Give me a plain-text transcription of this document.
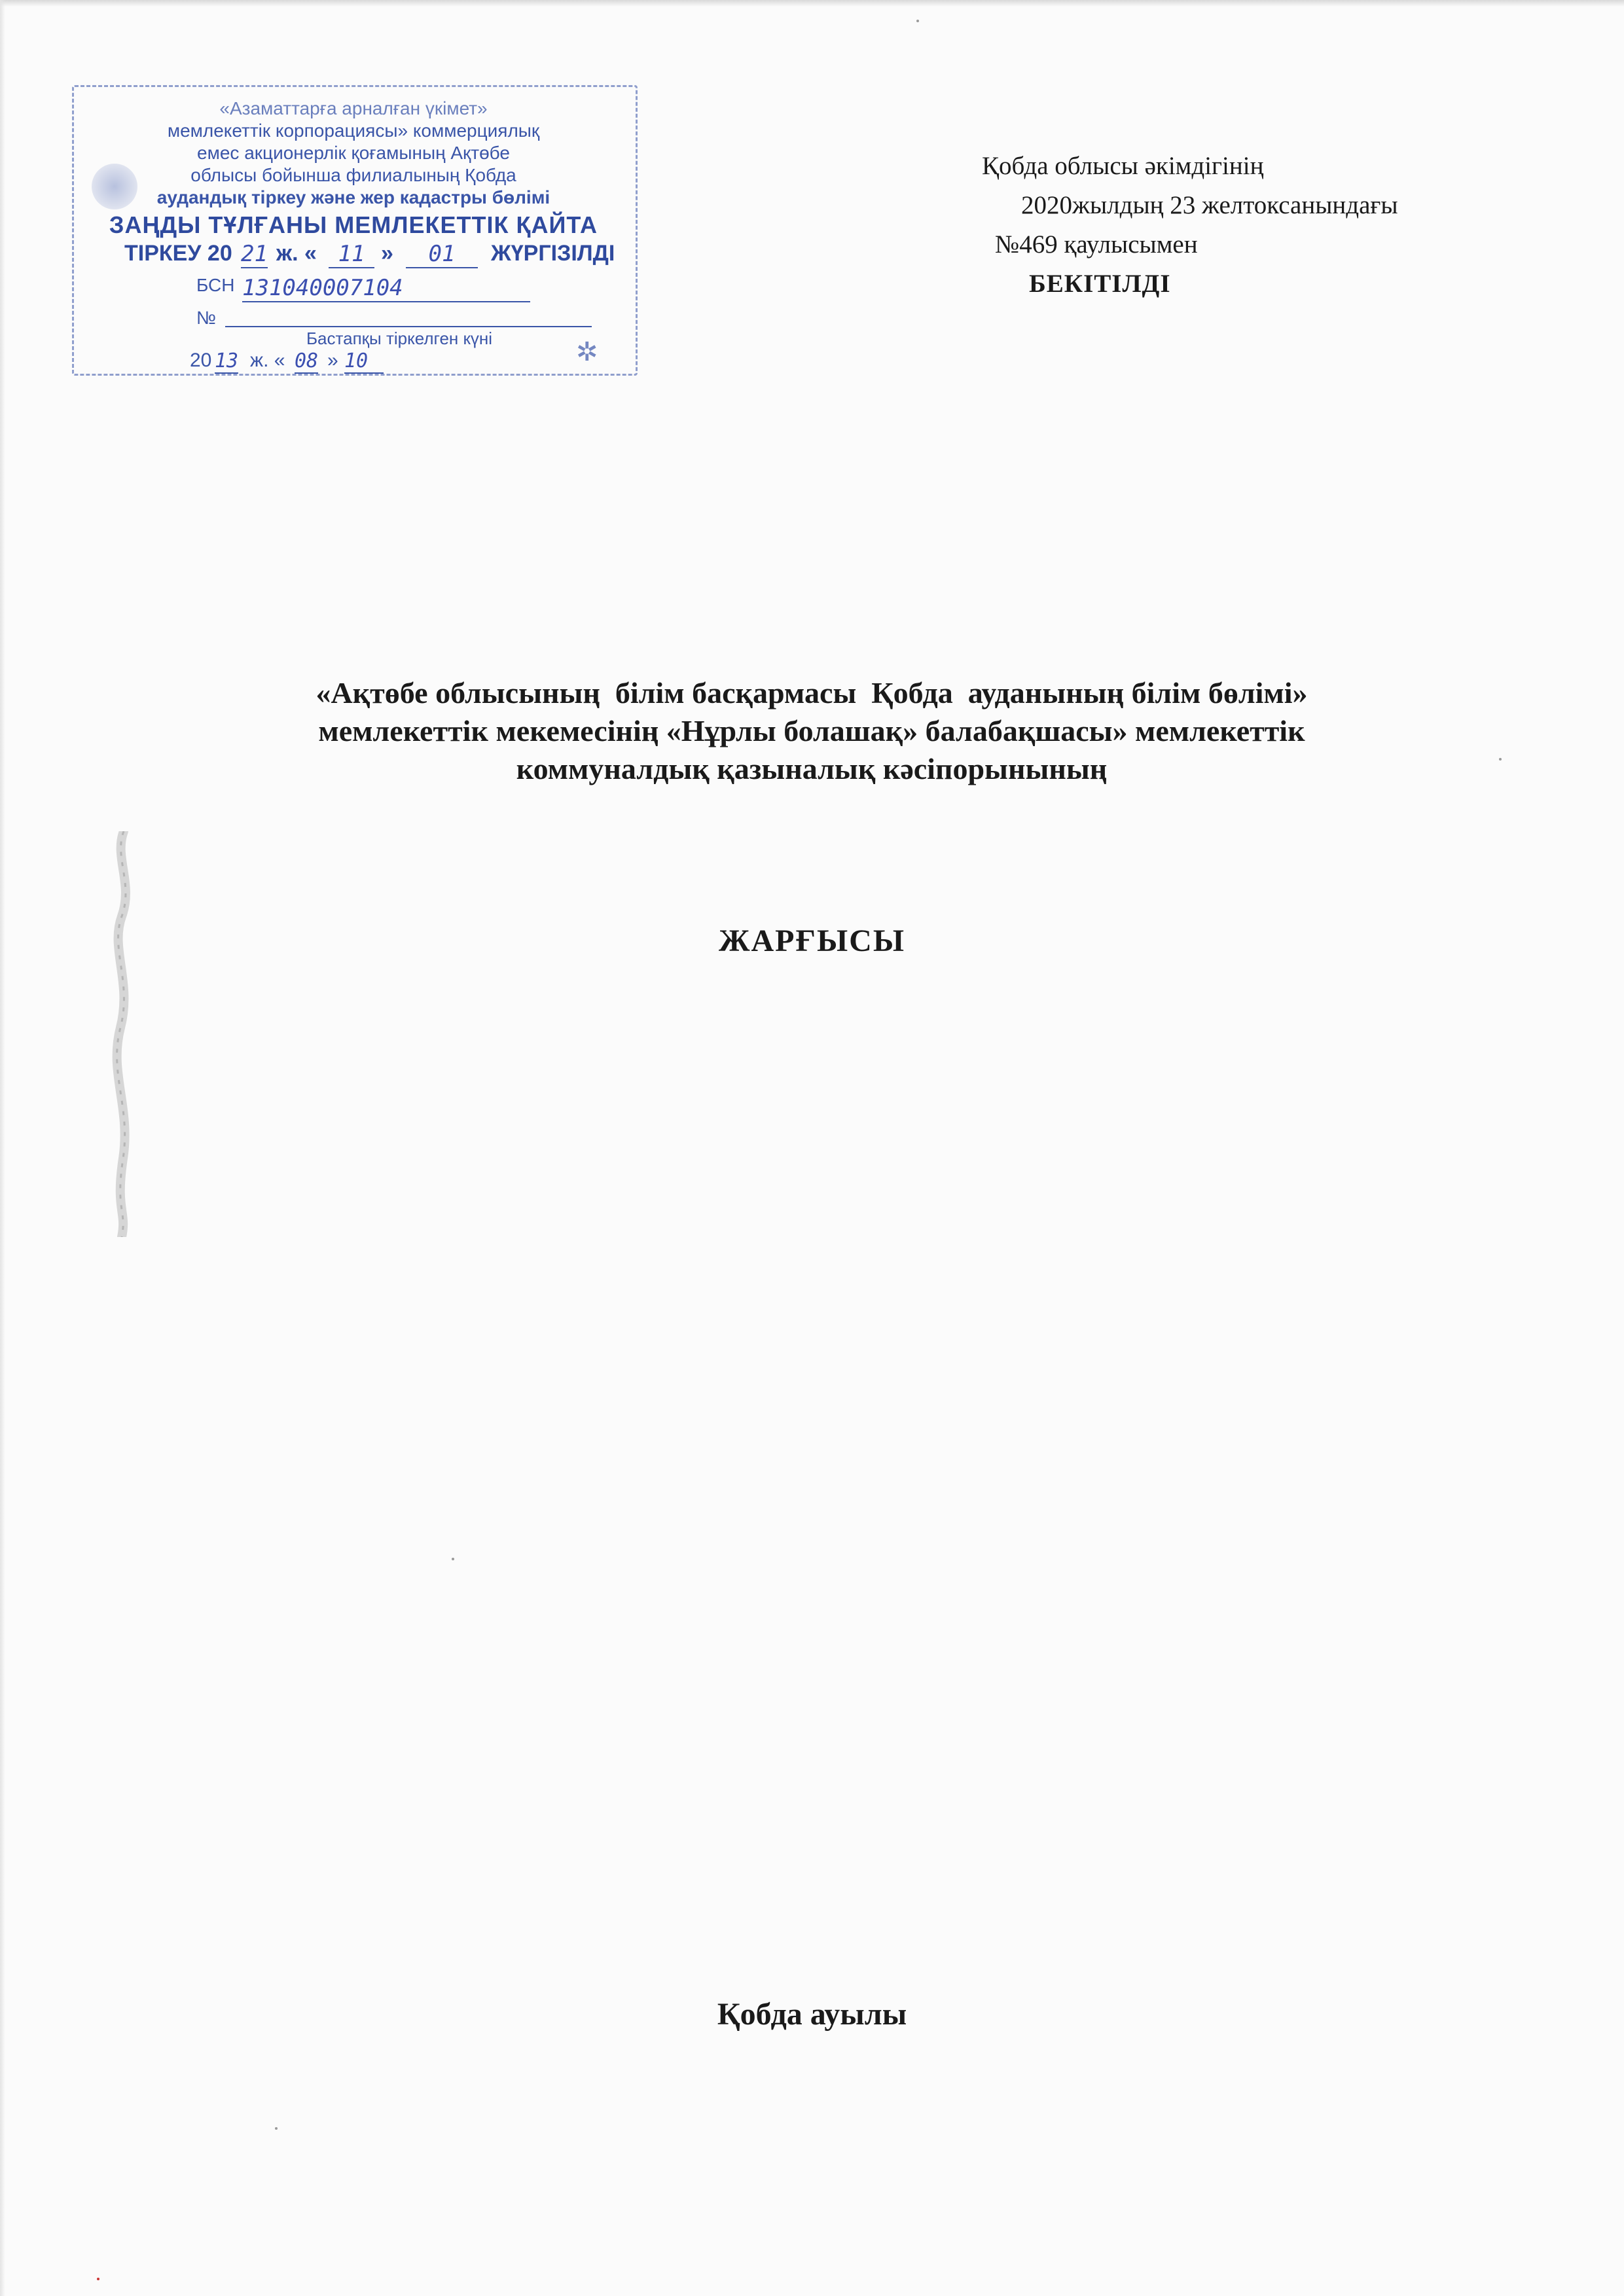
«Азаматтарға арналған үкімет»
мемлекеттік корпорациясы» коммерциялық
емес акционерлік қоғамының Ақтөбе
облысы бойынша филиалының Қобда
ауданды​қ тіркеу және жер кадастры бөлімі
ЗАҢДЫ ТҰЛҒАНЫ МЕМЛЕКЕТТІК ҚАЙТА
ТІРКЕУ 20 21 ж. « 11 »	01	ЖҮРГІЗІЛДІ
БСН 131040007104
№
Бастапқы тіркелген күні
20 13 ж. « 08 » 10	✲
Қобда облысы әкімдігінің
2020жылдың 23 желтоксанындағы
№469 қаулысымен
БЕКІТІЛДІ
«Ақтөбе облысының  білім басқармасы  Қобда  ауданының білім бөлімі»
мемлекеттік мекемесінің «Нұрлы болашақ» балабақшасы» мемлекеттік
коммуналдық қазыналық кәсіпорынының
ЖАРҒЫСЫ
Қобда ауылы
